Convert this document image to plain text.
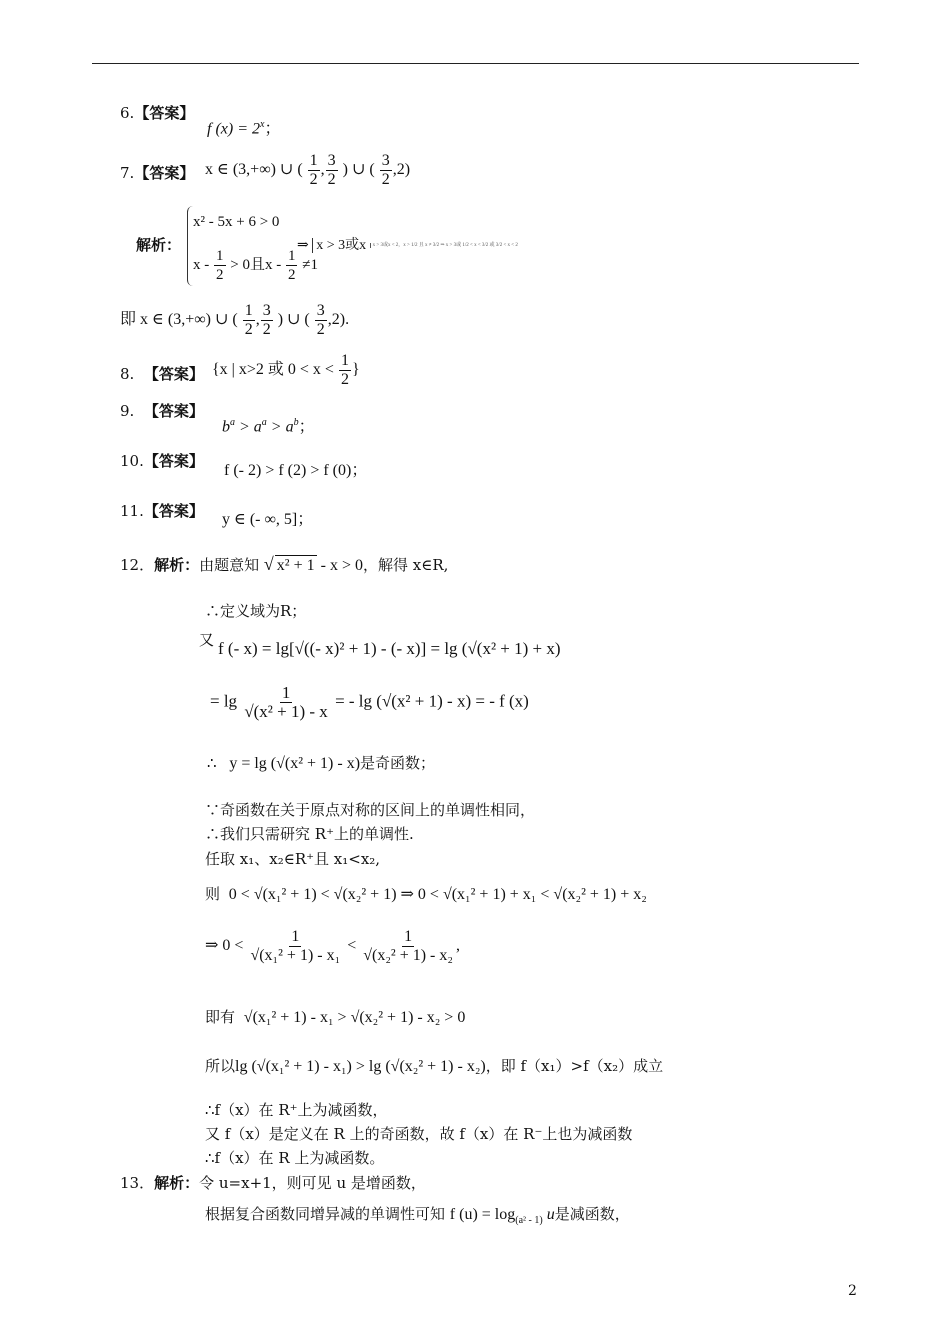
6.【答案】
f $(x) = 2^x$；
7.【答案】 x ∈ (3,+∞) ∪ ( $\frac{1}{2}$ , $\frac{3}{2}$ ) ∪ ( $\frac{3}{2} ,2$)
解析：
x² - 5x + 6 > 0
$x - \frac{1}{2} > 0$且$x - \frac{1}{2} \ne 1$
⇒ x > 3或x x > 3或x < 2，x > 1/2 且 x ≠ 3/2 ⇒ x > 3或 1/2 < x < 3/2 或 3/2 < x < 2
即 x ∈ (3,+∞) ∪ ( $\frac{1}{2}$ , $\frac{3}{2}$ ) ∪ ( $\frac{3}{2} ,2$).
8. 【答案】 {x | x>2 或 $0 < x < \frac{1}{2}$ }
9. 【答案】
$b^a > a^a > a^b$；
10.【答案】
f (- 2) > f (2) > f (0)；
11.【答案】 y ∈ (- ∞, 5]；
12．解析：由题意知 √ x² + 1 - x > 0，解得 x∈R,
∴定义域为R；
又 f (- x) = lg[√((- x)² + 1) - (- x)] = lg (√(x² + 1) + x)
= $\lg \frac{1}{\text{√(x² + 1) - x}}$ = - lg (√(x² + 1) - x) = - f (x)
∴ y = lg (√(x² + 1) - x)是奇函数；
∵奇函数在关于原点对称的区间上的单调性相同，
∴我们只需研究 R⁺上的单调性.
任取 x₁、x₂∈R⁺且 x₁<x₂,
则 0 < √(x₁² + 1) < √(x₂² + 1) ⇒ 0 < √(x₁² + 1) + x₁ < √(x₂² + 1) + x₂
⇒ $0 < \frac{1}{\text{√(x₁² + 1) - x₁}} < \frac{1}{\text{√(x₂² + 1) - x₂}}$ ,
即有 √(x₁² + 1) - x₁ > √(x₂² + 1) - x₂ > 0
所以lg (√(x₁² + 1) - x₁) > lg (√(x₂² + 1) - x₂)，即 f（x₁）>f（x₂）成立
∴f（x）在 R⁺上为减函数，
又 f（x）是定义在 R 上的奇函数，故 f（x）在 R⁻上也为减函数
∴f（x）在 R 上为减函数。
13．解析：令 u=x+1，则可见 u 是增函数，
根据复合函数同增异减的单调性可知 f $(u) = \log_{(a^2 - 1)} u$是减函数，
2
